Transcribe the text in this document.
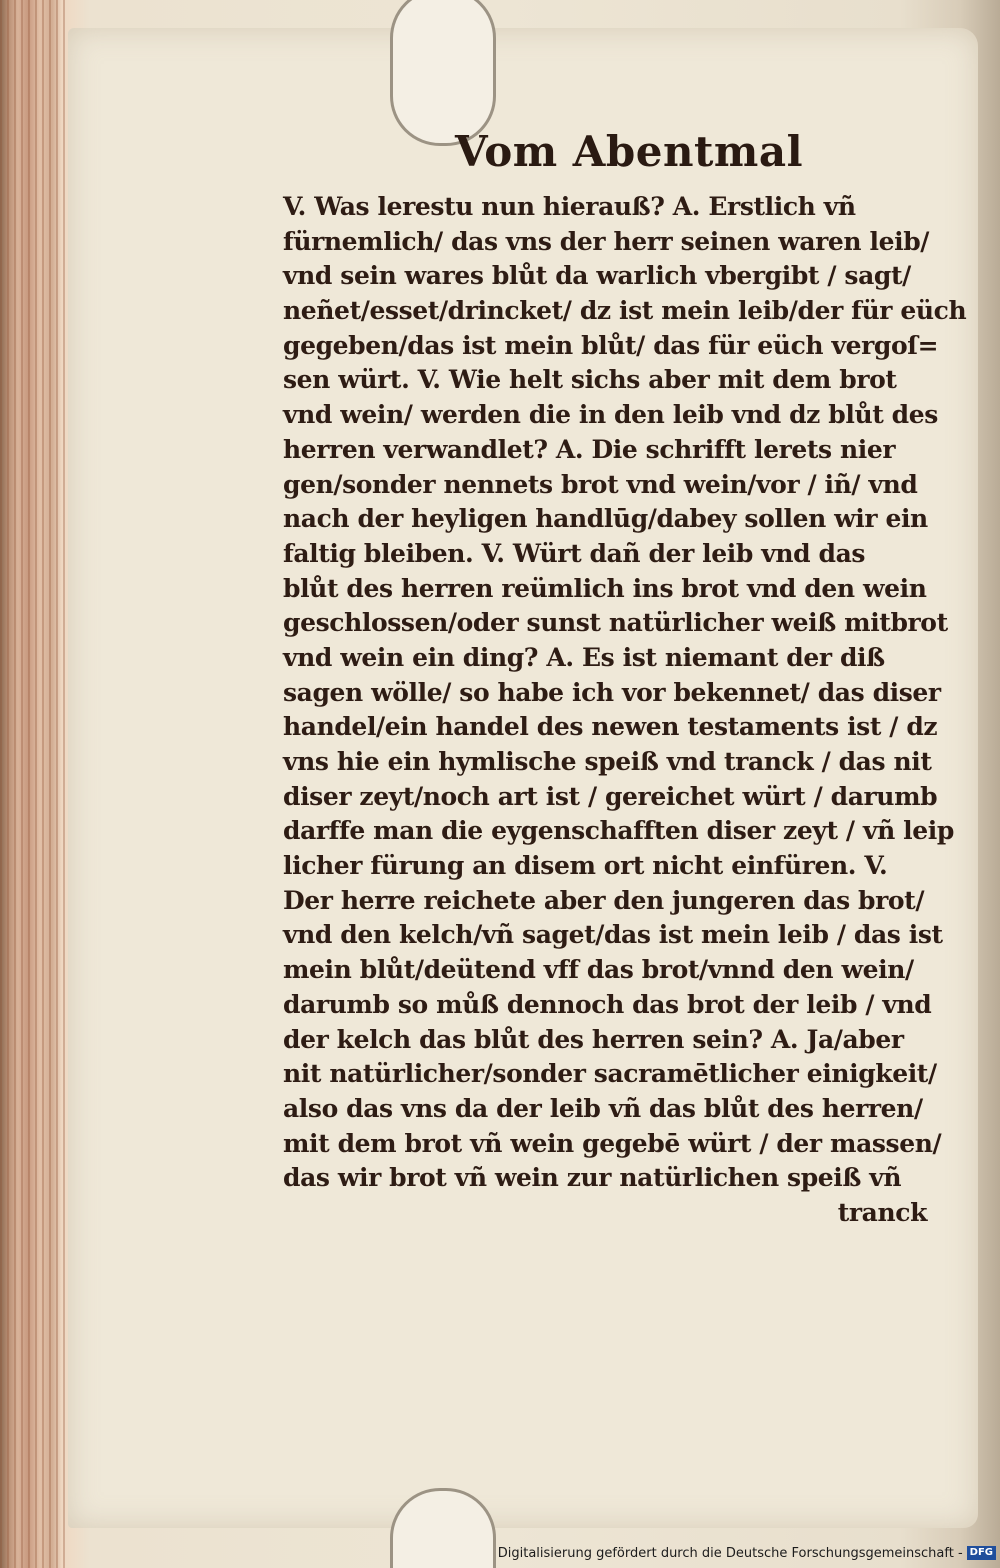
Vom Abentmal
V. Was lerestu nun hierauß? A. Erstlich vñ
fürnemlich/ das vns der herr seinen waren leib/
vnd sein wares blůt da warlich vbergibt / sagt/
neñet/esset/drincket/ dz ist mein leib/der für eüch
gegeben/das ist mein blůt/ das für eüch vergoſ=
sen würt. V. Wie helt sichs aber mit dem brot
vnd wein/ werden die in den leib vnd dz blůt des
herren verwandlet? A. Die schrifft lerets nier
gen/sonder nennets brot vnd wein/vor / iñ/ vnd
nach der heyligen handlūg/dabey sollen wir ein
faltig bleiben. V. Würt dañ der leib vnd das
blůt des herren reümlich ins brot vnd den wein
geschlossen/oder sunst natürlicher weiß mitbrot
vnd wein ein ding? A. Es ist niemant der diß
sagen wölle/ so habe ich vor bekennet/ das diser
handel/ein handel des newen testaments ist / dz
vns hie ein hymlische speiß vnd tranck / das nit
diser zeyt/noch art ist / gereichet würt / darumb
darffe man die eygenschafften diser zeyt / vñ leip
licher fürung an disem ort nicht einfüren. V.
Der herre reichete aber den jungeren das brot/
vnd den kelch/vñ saget/das ist mein leib / das ist
mein blůt/deütend vff das brot/vnnd den wein/
darumb so můß dennoch das brot der leib / vnd
der kelch das blůt des herren sein? A. Ja/aber
nit natürlicher/sonder sacramētlicher einigkeit/
also das vns da der leib vñ das blůt des herren/
mit dem brot vñ wein gegebē würt / der massen/
das wir brot vñ wein zur natürlichen speiß vñ
tranck
Digitalisierung gefördert durch die Deutsche Forschungsgemeinschaft - DFG
